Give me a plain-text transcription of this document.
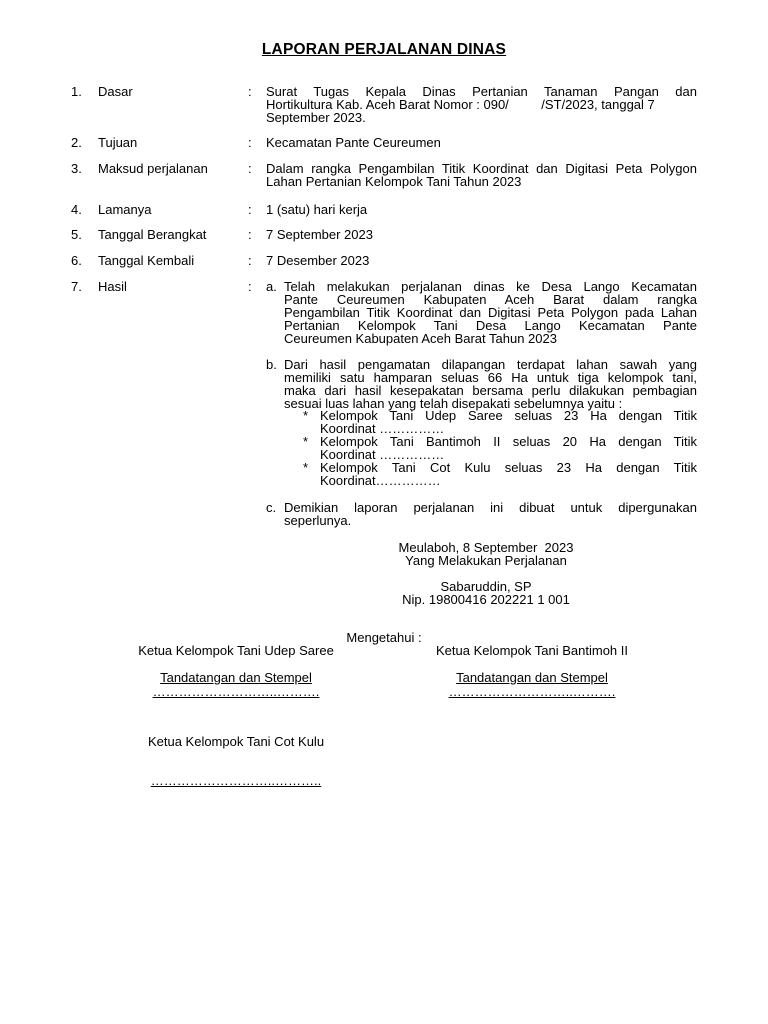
LAPORAN PERJALANAN DINAS
1. Dasar	: Surat Tugas Kepala Dinas Pertanian Tanaman Pangan dan
Hortikultura Kab. Aceh Barat Nomor : 090/         /ST/2023, tanggal 7
September 2023.
2. Tujuan	: Kecamatan Pante Ceureumen
3. Maksud perjalanan	: Dalam rangka Pengambilan Titik Koordinat dan Digitasi Peta Polygon
Lahan Pertanian Kelompok Tani Tahun 2023
4. Lamanya	: 1 (satu) hari kerja
5. Tanggal Berangkat	: 7 September 2023
6. Tanggal Kembali	: 7 Desember 2023
7. Hasil	: a. Telah melakukan perjalanan dinas ke Desa Lango Kecamatan
Pante Ceureumen Kabupaten Aceh Barat dalam rangka
Pengambilan Titik Koordinat dan Digitasi Peta Polygon pada Lahan
Pertanian Kelompok Tani Desa Lango Kecamatan Pante
Ceureumen Kabupaten Aceh Barat Tahun 2023
b. Dari hasil pengamatan dilapangan terdapat lahan sawah yang
memiliki satu hamparan seluas 66 Ha untuk tiga kelompok tani,
maka dari hasil kesepakatan bersama perlu dilakukan pembagian
sesuai luas lahan yang telah disepakati sebelumnya yaitu :
* Kelompok Tani Udep Saree seluas 23 Ha dengan Titik
Koordinat ……………
* Kelompok Tani Bantimoh II seluas 20 Ha dengan Titik
Koordinat ……………
* Kelompok Tani Cot Kulu seluas 23 Ha dengan Titik
Koordinat……………
c. Demikian laporan perjalanan ini dibuat untuk dipergunakan
seperlunya.
Meulaboh, 8 September  2023
Yang Melakukan Perjalanan
Sabaruddin, SP
Nip. 19800416 202221 1 001
Mengetahui :
Ketua Kelompok Tani Udep Saree	Ketua Kelompok Tani Bantimoh II
Tandatangan dan Stempel	Tandatangan dan Stempel
………………………..……….	………………………..……….
Ketua Kelompok Tani Cot Kulu
………………………..………..
